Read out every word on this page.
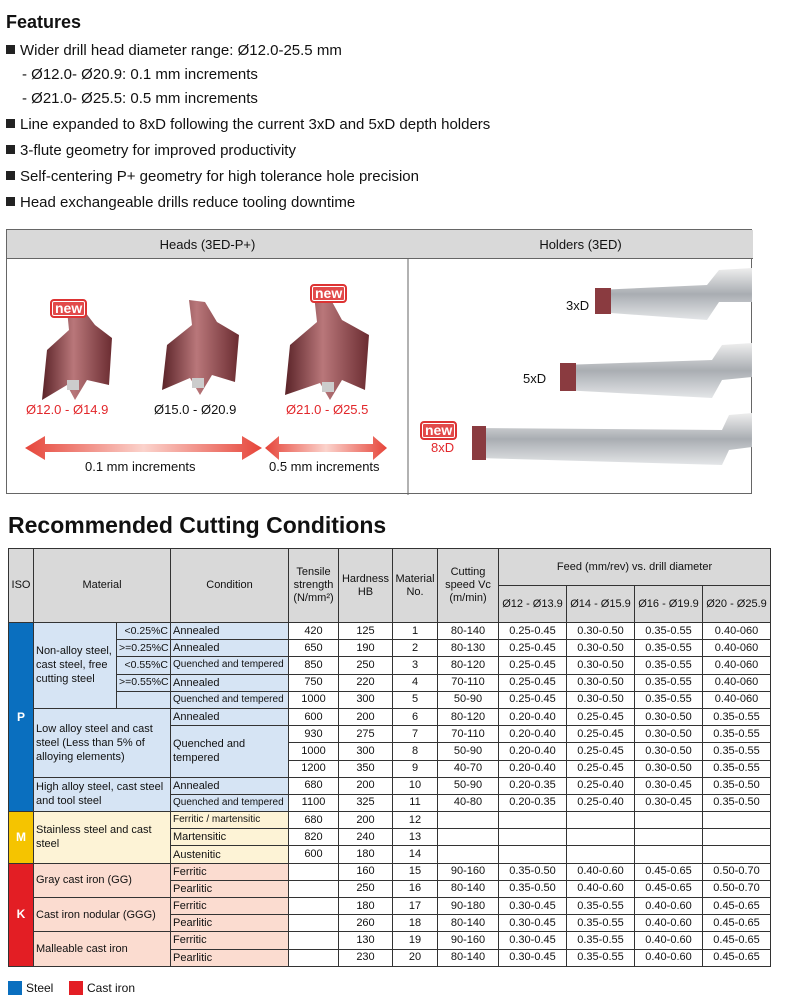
Features
Wider drill head diameter range: Ø12.0-25.5 mm
- Ø12.0- Ø20.9: 0.1 mm increments
- Ø21.0- Ø25.5: 0.5 mm increments
Line expanded to 8xD following the current 3xD and 5xD depth holders
3-flute geometry for improved productivity
Self-centering P+ geometry for high tolerance hole precision
Head exchangeable drills reduce tooling downtime
Heads (3ED-P+)	Holders (3ED)
new
new
Ø12.0 - Ø14.9	Ø15.0 - Ø20.9	Ø21.0 - Ø25.5
0.1 mm increments	0.5 mm increments
3xD
5xD
new
8xD
Recommended Cutting Conditions
ISO	Material		Condition	Tensile strength (N/mm²)	Hardness HB	Material No.	Cutting speed Vc (m/min)	Feed (mm/rev) vs. drill diameter			
								Ø12 - Ø13.9	Ø14 - Ø15.9	Ø16 - Ø19.9	Ø20 - Ø25.9
P	Non-alloy steel, cast steel, free cutting steel	<0.25%C	Annealed	420	125	1	80-140	0.25-0.45	0.30-0.50	0.35-0.55	0.40-060
		>=0.25%C	Annealed	650	190	2	80-130	0.25-0.45	0.30-0.50	0.35-0.55	0.40-060
		<0.55%C	Quenched and tempered	850	250	3	80-120	0.25-0.45	0.30-0.50	0.35-0.55	0.40-060
		>=0.55%C	Annealed	750	220	4	70-110	0.25-0.45	0.30-0.50	0.35-0.55	0.40-060
			Quenched and tempered	1000	300	5	50-90	0.25-0.45	0.30-0.50	0.35-0.55	0.40-060
	Low alloy steel and cast steel (Less than 5% of alloying elements)		Annealed	600	200	6	80-120	0.20-0.40	0.25-0.45	0.30-0.50	0.35-0.55
			Quenched and tempered	930	275	7	70-110	0.20-0.40	0.25-0.45	0.30-0.50	0.35-0.55
				1000	300	8	50-90	0.20-0.40	0.25-0.45	0.30-0.50	0.35-0.55
				1200	350	9	40-70	0.20-0.40	0.25-0.45	0.30-0.50	0.35-0.55
	High alloy steel, cast steel and tool steel		Annealed	680	200	10	50-90	0.20-0.35	0.25-0.40	0.30-0.45	0.35-0.50
			Quenched and tempered	1100	325	11	40-80	0.20-0.35	0.25-0.40	0.30-0.45	0.35-0.50
M	Stainless steel and cast steel		Ferritic / martensitic	680	200	12					
			Martensitic	820	240	13					
			Austenitic	600	180	14					
K	Gray cast iron (GG)		Ferritic		160	15	90-160	0.35-0.50	0.40-0.60	0.45-0.65	0.50-0.70
			Pearlitic		250	16	80-140	0.35-0.50	0.40-0.60	0.45-0.65	0.50-0.70
	Cast iron nodular (GGG)		Ferritic		180	17	90-180	0.30-0.45	0.35-0.55	0.40-0.60	0.45-0.65
			Pearlitic		260	18	80-140	0.30-0.45	0.35-0.55	0.40-0.60	0.45-0.65
	Malleable cast iron		Ferritic		130	19	90-160	0.30-0.45	0.35-0.55	0.40-0.60	0.45-0.65
			Pearlitic		230	20	80-140	0.30-0.45	0.35-0.55	0.40-0.60	0.45-0.65
Steel	Cast iron
